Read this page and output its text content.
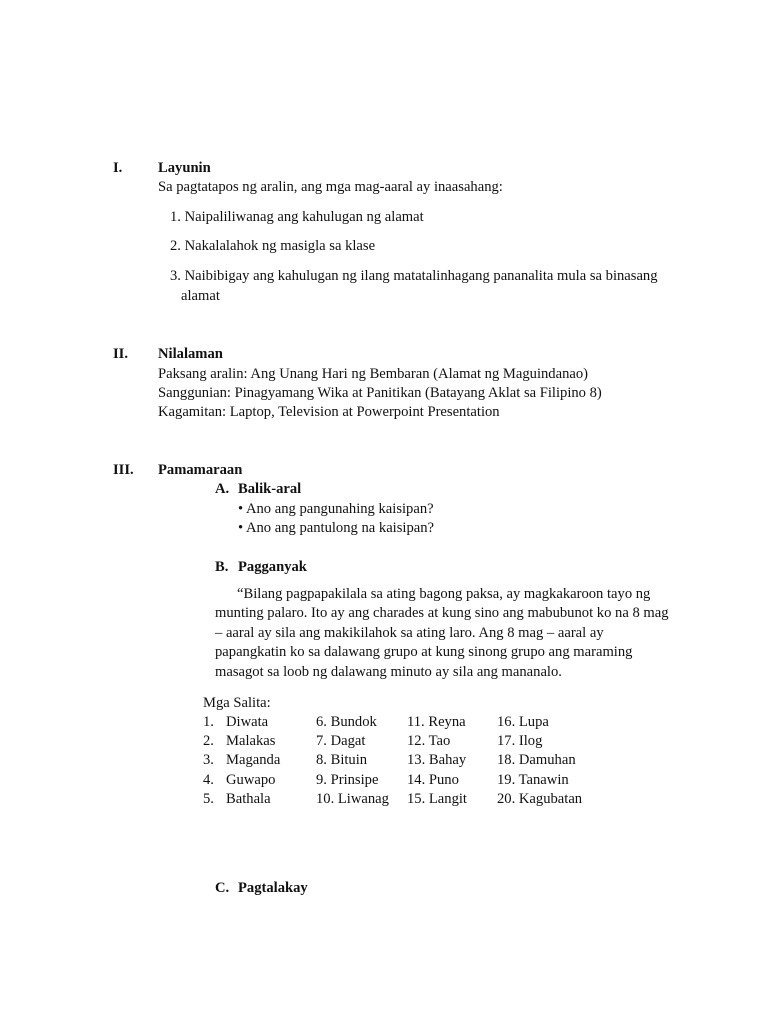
I. Layunin
Sa pagtatapos ng aralin, ang mga mag-aaral ay inaasahang:
1. Naipaliliwanag ang kahulugan ng alamat
2. Nakalalahok ng masigla sa klase
3. Naibibigay ang kahulugan ng ilang matatalinhagang pananalita mula sa binasang
alamat
II. Nilalaman
Paksang aralin: Ang Unang Hari ng Bembaran (Alamat ng Maguindanao)
Sanggunian: Pinagyamang Wika at Panitikan (Batayang Aklat sa Filipino 8)
Kagamitan: Laptop, Television at Powerpoint Presentation
III. Pamamaraan
A. Balik-aral
• Ano ang pangunahing kaisipan?
• Ano ang pantulong na kaisipan?
B. Pagganyak
“Bilang pagpapakilala sa ating bagong paksa, ay magkakaroon tayo ng munting palaro. Ito ay ang charades at kung sino ang mabubunot ko na 8 mag – aaral ay sila ang makikilahok sa ating laro. Ang 8 mag – aaral ay papangkatin ko sa dalawang grupo at kung sinong grupo ang maraming masagot sa loob ng dalawang minuto ay sila ang mananalo.
Mga Salita:
1.
2.
3.
4.
5.
Diwata
Malakas
Maganda
Guwapo
Bathala
6. Bundok
7. Dagat
8. Bituin
9. Prinsipe
10. Liwanag
11. Reyna
12. Tao
13. Bahay
14. Puno
15. Langit
16. Lupa
17. Ilog
18. Damuhan
19. Tanawin
20. Kagubatan
C. Pagtalakay
